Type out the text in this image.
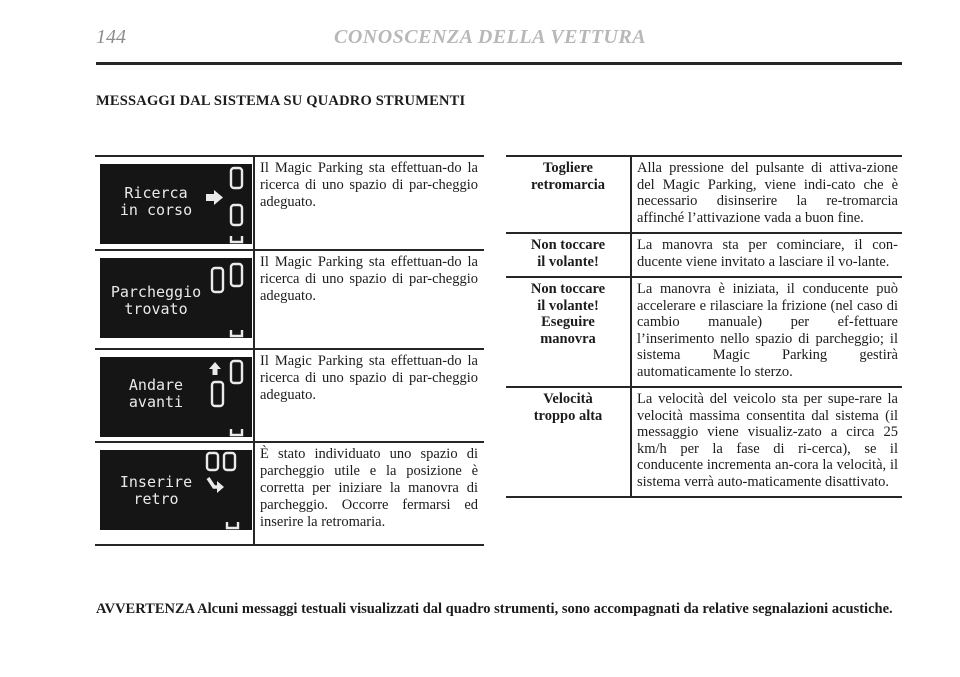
144	CONOSCENZA DELLA VETTURA
MESSAGGI DAL SISTEMA SU QUADRO STRUMENTI
Ricerca
in corso
Il Magic Parking sta effettuan-do la ricerca di uno spazio di par-cheggio adeguato.
Parcheggio
trovato
Il Magic Parking sta effettuan-do la ricerca di uno spazio di par-cheggio adeguato.
Andare
avanti
Il Magic Parking sta effettuan-do la ricerca di uno spazio di par-cheggio adeguato.
Inserire
retro
È stato individuato uno spazio di parcheggio utile e la posizione è corretta per iniziare la manovra di parcheggio. Occorre fermarsi ed inserire la retromaria.
Togliere
retromarcia
Alla pressione del pulsante di attiva-zione del Magic Parking, viene indi-cato che è necessario disinserire la re-tromarcia affinché l’attivazione vada a buon fine.
Non toccare
il volante!
La manovra sta per cominciare, il con-ducente viene invitato a lasciare il vo-lante.
Non toccare
il volante!
Eseguire
manovra
La manovra è iniziata, il conducente può accelerare e rilasciare la frizione (nel caso di cambio manuale) per ef-fettuare l’inserimento nello spazio di parcheggio; il sistema Magic Parking gestirà automaticamente lo sterzo.
Velocità
troppo alta
La velocità del veicolo sta per supe-rare la velocità massima consentita dal sistema (il messaggio viene visualiz-zato a circa 25 km/h per la fase di ri-cerca), se il conducente incrementa an-cora la velocità, il sistema verrà auto-maticamente disattivato.
AVVERTENZA Alcuni messaggi testuali visualizzati dal quadro strumenti, sono accompagnati da relative segnalazioni acustiche.
